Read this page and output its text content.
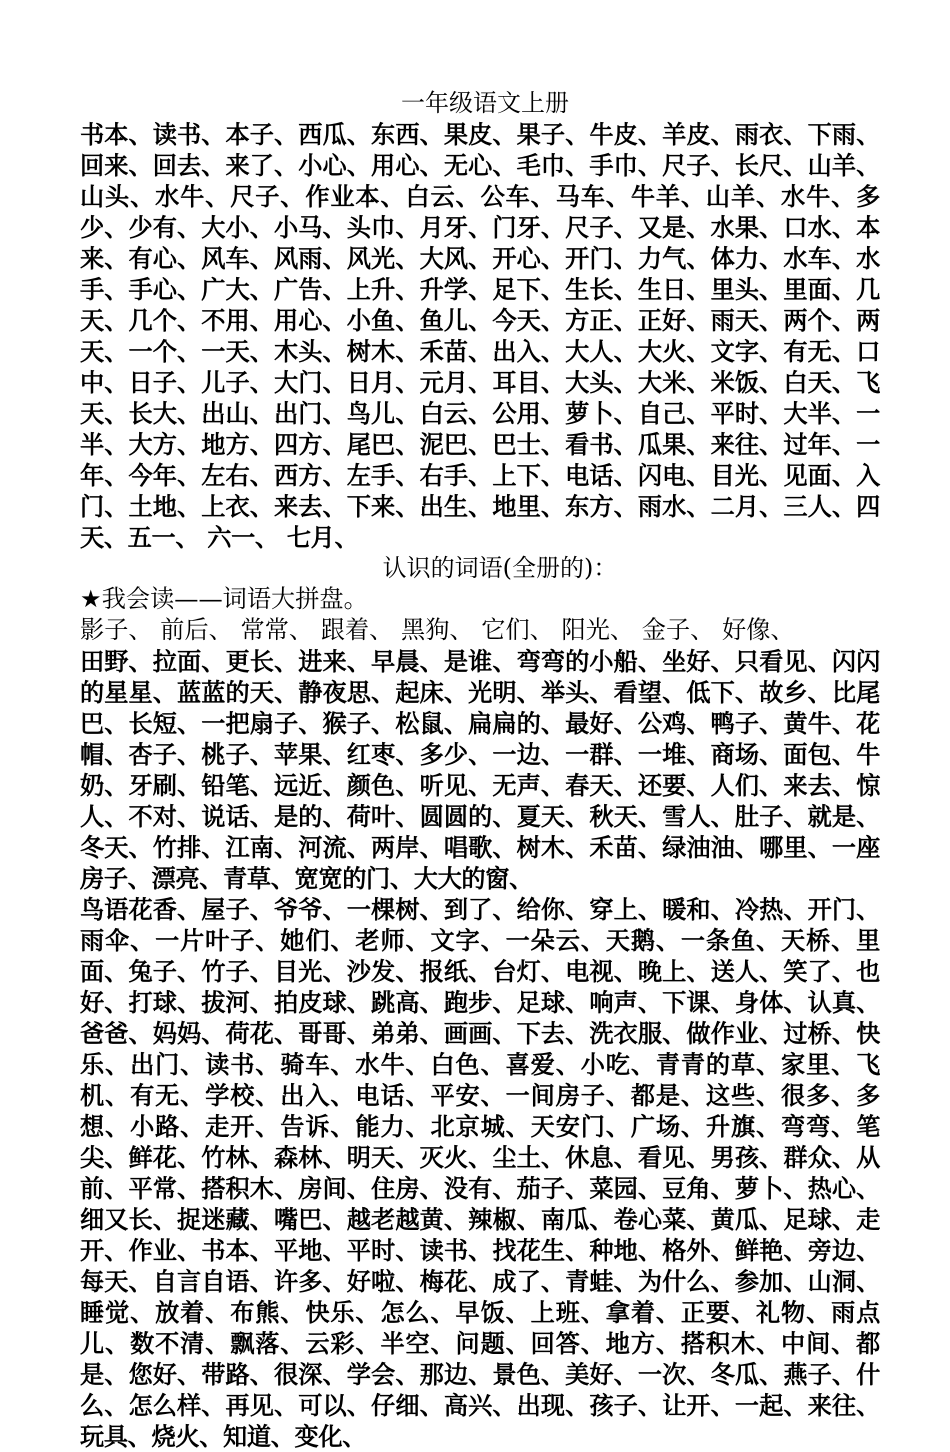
一年级语文上册
书本、读书、本子、西瓜、东西、果皮、果子、牛皮、羊皮、雨衣、下雨、回来、回去、来了、小心、用心、无心、毛巾、手巾、尺子、长尺、山羊、山头、水牛、尺子、作业本、白云、公车、马车、牛羊、山羊、水牛、多少、少有、大小、小马、头巾、月牙、门牙、尺子、又是、水果、口水、本来、有心、风车、风雨、风光、大风、开心、开门、力气、体力、水车、水手、手心、广大、广告、上升、升学、足下、生长、生日、里头、里面、几天、几个、不用、用心、小鱼、鱼儿、今天、方正、正好、雨天、两个、两天、一个、一天、木头、树木、禾苗、出入、大人、大火、文字、有无、口中、日子、儿子、大门、日月、元月、耳目、大头、大米、米饭、白天、飞天、长大、出山、出门、鸟儿、白云、公用、萝卜、自己、平时、大半、一半、大方、地方、四方、尾巴、泥巴、巴士、看书、瓜果、来往、过年、一年、今年、左右、西方、左手、右手、上下、电话、闪电、目光、见面、入门、土地、上衣、来去、下来、出生、地里、东方、雨水、二月、三人、四天、五一、 六一、 七月、
认识的词语(全册的)：
★我会读——词语大拼盘。
影子、 前后、 常常、 跟着、 黑狗、 它们、 阳光、 金子、 好像、
田野、拉面、更长、进来、早晨、是谁、弯弯的小船、坐好、只看见、闪闪的星星、蓝蓝的天、静夜思、起床、光明、举头、看望、低下、故乡、比尾巴、长短、一把扇子、猴子、松鼠、扁扁的、最好、公鸡、鸭子、黄牛、花帽、杏子、桃子、苹果、红枣、多少、一边、一群、一堆、商场、面包、牛奶、牙刷、铅笔、远近、颜色、听见、无声、春天、还要、人们、来去、惊人、不对、说话、是的、荷叶、圆圆的、夏天、秋天、雪人、肚子、就是、冬天、竹排、江南、河流、两岸、唱歌、树木、禾苗、绿油油、哪里、一座房子、漂亮、青草、宽宽的门、大大的窗、
鸟语花香、屋子、爷爷、一棵树、到了、给你、穿上、暖和、冷热、开门、雨伞、一片叶子、她们、老师、文字、一朵云、天鹅、一条鱼、天桥、里面、兔子、竹子、目光、沙发、报纸、台灯、电视、晚上、送人、笑了、也好、打球、拔河、拍皮球、跳高、跑步、足球、响声、下课、身体、认真、爸爸、妈妈、荷花、哥哥、弟弟、画画、下去、洗衣服、做作业、过桥、快乐、出门、读书、骑车、水牛、白色、喜爱、小吃、青青的草、家里、飞机、有无、学校、出入、电话、平安、一间房子、都是、这些、很多、多想、小路、走开、告诉、能力、北京城、天安门、广场、升旗、弯弯、笔尖、鲜花、竹林、森林、明天、灭火、尘土、休息、看见、男孩、群众、从前、平常、搭积木、房间、住房、没有、茄子、菜园、豆角、萝卜、热心、细又长、捉迷藏、嘴巴、越老越黄、辣椒、南瓜、卷心菜、黄瓜、足球、走开、作业、书本、平地、平时、读书、找花生、种地、格外、鲜艳、旁边、每天、自言自语、许多、好啦、梅花、成了、青蛙、为什么、参加、山洞、睡觉、放着、布熊、快乐、怎么、早饭、上班、拿着、正要、礼物、雨点儿、数不清、飘落、云彩、半空、问题、回答、地方、搭积木、中间、都是、您好、带路、很深、学会、那边、景色、美好、一次、冬瓜、燕子、什么、怎么样、再见、可以、仔细、高兴、出现、孩子、让开、一起、来往、玩具、烧火、知道、变化、
